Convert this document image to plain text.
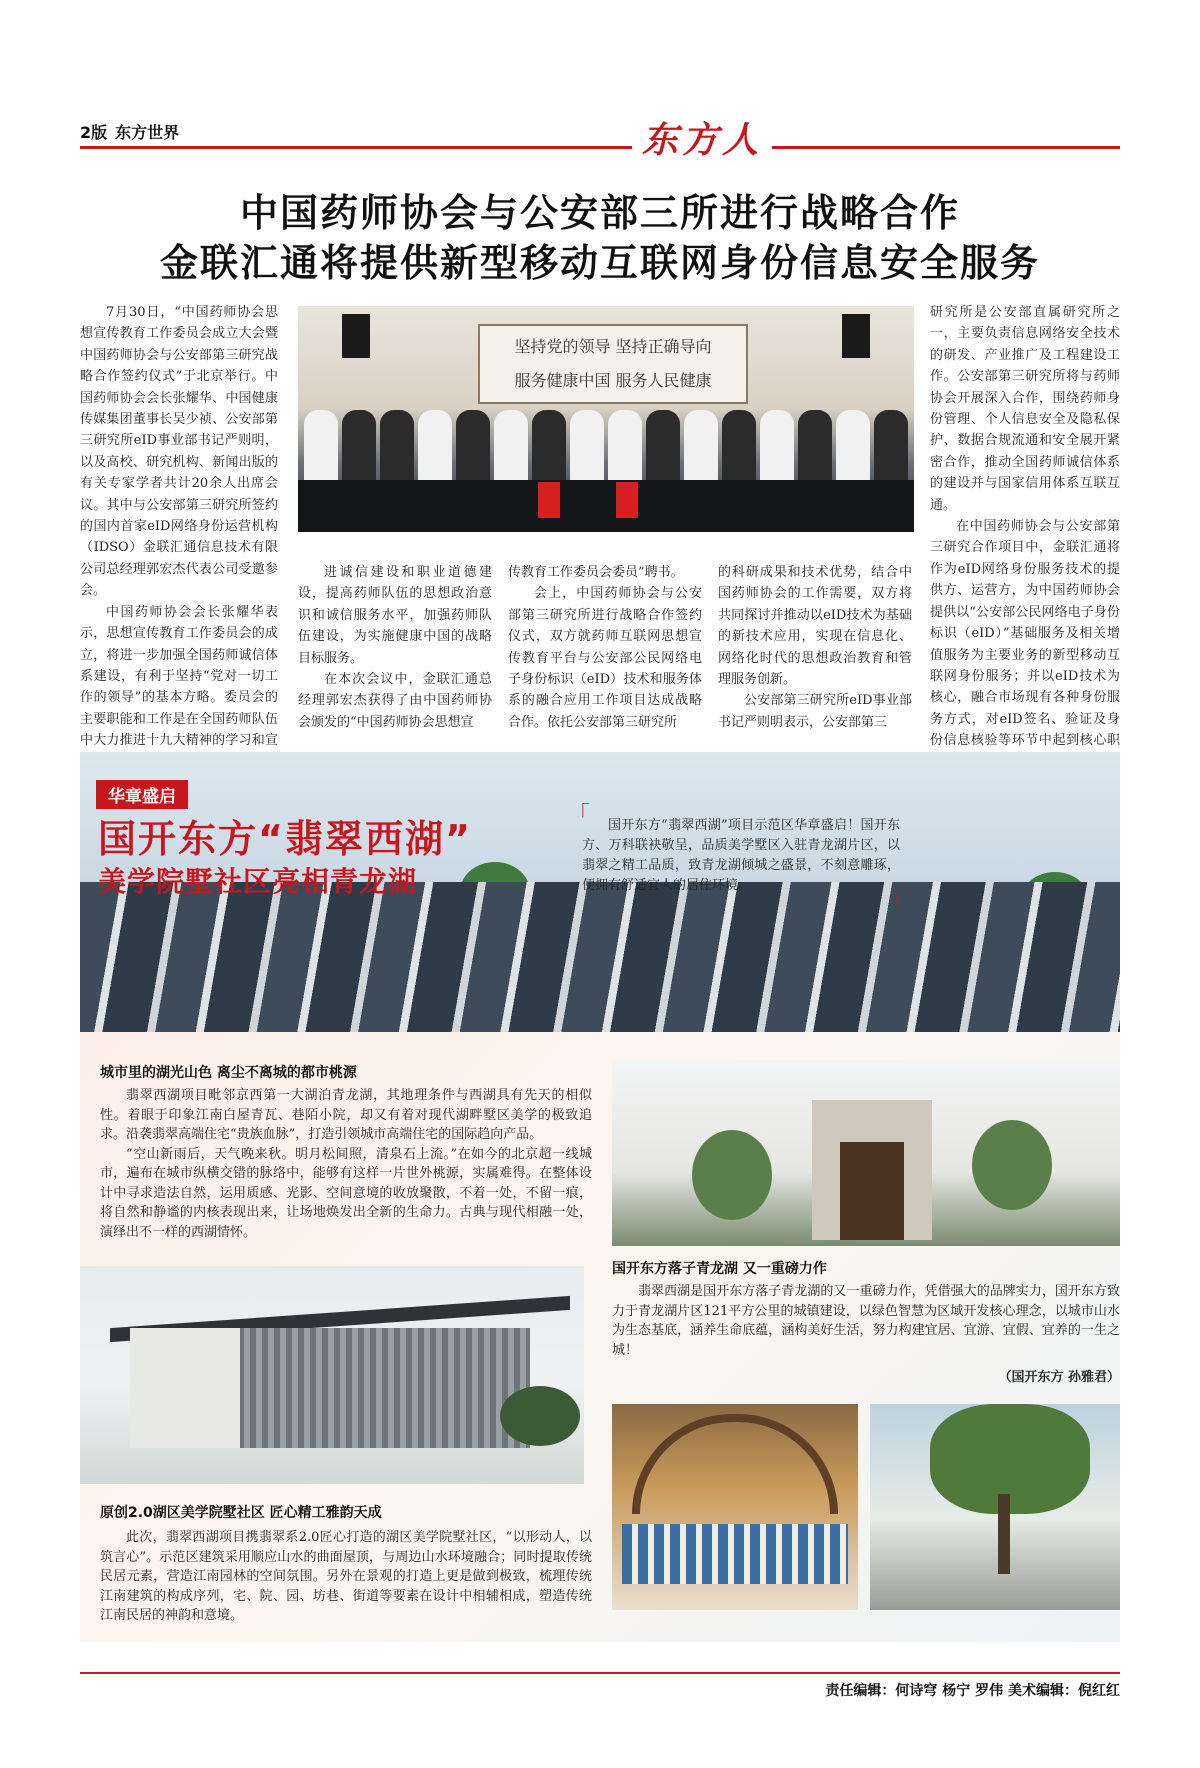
2版 东方世界	东方人
中国药师协会与公安部三所进行战略合作
金联汇通将提供新型移动互联网身份信息安全服务

7月30日，“中国药师协会思想宣传教育工作委员会成立大会暨中国药师协会与公安部第三研究战略合作签约仪式”于北京举行。中国药师协会会长张耀华、中国健康传媒集团董事长吴少祯、公安部第三研究所eID事业部书记严则明，以及高校、研究机构、新闻出版的有关专家学者共计20余人出席会议。其中与公安部第三研究所签约的国内首家eID网络身份运营机构（IDSO）金联汇通信息技术有限公司总经理郭宏杰代表公司受邀参会。

中国药师协会会长张耀华表示，思想宣传教育工作委员会的成立，将进一步加强全国药师诚信体系建设，有利于坚持“党对一切工作的领导”的基本方略。委员会的主要职能和工作是在全国药师队伍中大力推进十九大精神的学习和宣

坚持党的领导 坚持正确导向
服务健康中国 服务人民健康

进诚信建设和职业道德建设，提高药师队伍的思想政治意识和诚信服务水平，加强药师队伍建设，为实施健康中国的战略目标服务。

在本次会议中，金联汇通总经理郭宏杰获得了由中国药师协会颁发的“中国药师协会思想宣

传教育工作委员会委员”聘书。

会上，中国药师协会与公安部第三研究所进行战略合作签约仪式，双方就药师互联网思想宣传教育平台与公安部公民网络电子身份标识（eID）技术和服务体系的融合应用工作项目达成战略合作。依托公安部第三研究所

的科研成果和技术优势，结合中国药师协会的工作需要，双方将共同探讨并推动以eID技术为基础的新技术应用，实现在信息化、网络化时代的思想政治教育和管理服务创新。

公安部第三研究所eID事业部书记严则明表示，公安部第三

研究所是公安部直属研究所之一，主要负责信息网络安全技术的研发、产业推广及工程建设工作。公安部第三研究所将与药师协会开展深入合作，围绕药师身份管理、个人信息安全及隐私保护、数据合规流通和安全展开紧密合作，推动全国药师诚信体系的建设并与国家信用体系互联互通。

在中国药师协会与公安部第三研究合作项目中，金联汇通将作为eID网络身份服务技术的提供方、运营方，为中国药师协会提供以“公安部公民网络电子身份标识（eID）”基础服务及相关增值服务为主要业务的新型移动互联网身份服务；并以eID技术为核心，融合市场现有各种身份服务方式，对eID签名、验证及身份信息核验等环节中起到核心职

华章盛启
国开东方“翡翠西湖”
美学院墅社区亮相青龙湖
「	国开东方“翡翠西湖”项目示范区华章盛启！国开东方、万科联袂敬呈，品质美学墅区入驻青龙湖片区，以翡翠之精工品质，致青龙湖倾城之盛景，不刻意雕琢，便拥有舒适宜人的居住环境。
」
城市里的湖光山色 离尘不离城的都市桃源

翡翠西湖项目毗邻京西第一大湖泊青龙湖，其地理条件与西湖具有先天的相似性。着眼于印象江南白屋青瓦、巷陌小院，却又有着对现代湖畔墅区美学的极致追求。沿袭翡翠高端住宅“贵族血脉”，打造引领城市高端住宅的国际趋向产品。

“空山新雨后，天气晚来秋。明月松间照，清泉石上流。”在如今的北京超一线城市，遍布在城市纵横交错的脉络中，能够有这样一片世外桃源，实属难得。在整体设计中寻求造法自然，运用质感、光影、空间意境的收放聚散，不着一处，不留一痕，将自然和静谧的内核表现出来，让场地焕发出全新的生命力。古典与现代相融一处，演绎出不一样的西湖情怀。

国开东方落子青龙湖 又一重磅力作

翡翠西湖是国开东方落子青龙湖的又一重磅力作，凭借强大的品牌实力，国开东方致力于青龙湖片区121平方公里的城镇建设，以绿色智慧为区域开发核心理念，以城市山水为生态基底，涵养生命底蕴，涵构美好生活，努力构建宜居、宜游、宜假、宜养的一生之城！

（国开东方 孙雅君）

原创2.0湖区美学院墅社区 匠心精工雅韵天成

此次，翡翠西湖项目携翡翠系2.0匠心打造的湖区美学院墅社区，“以形动人，以筑言心”。示范区建筑采用顺应山水的曲面屋顶，与周边山水环境融合；同时提取传统民居元素，营造江南园林的空间氛围。另外在景观的打造上更是做到极致，梳理传统江南建筑的构成序列，宅、院、园、坊巷、街道等要素在设计中相辅相成，塑造传统江南民居的神韵和意境。

责任编辑：何诗穹 杨宁 罗伟 美术编辑：倪红红
